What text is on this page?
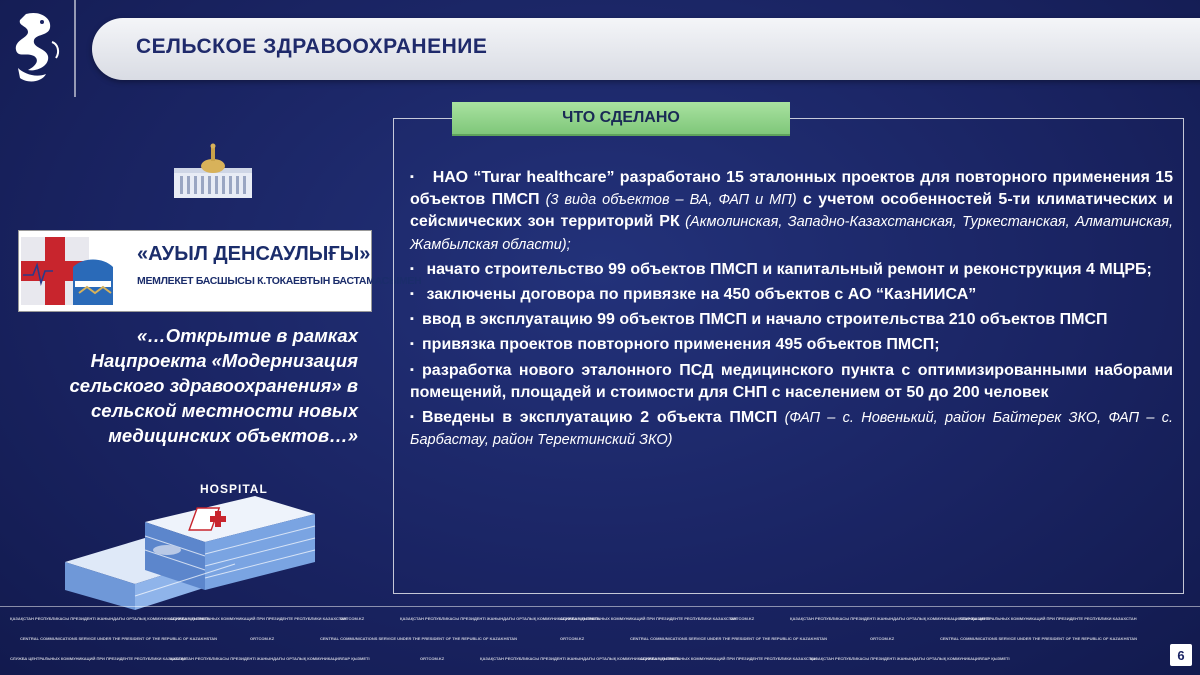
СЕЛЬСКОЕ ЗДРАВООХРАНЕНИЕ
«АУЫЛ ДЕНСАУЛЫҒЫ»
МЕМЛЕКЕТ БАСШЫСЫ К.ТОКАЕВТЫН БАСТАМАСЫМЕН
«…Открытие в рамках Нацпроекта «Модернизация сельского здравоохранения» в сельской местности новых медицинских объектов…»
HOSPITAL
ЧТО СДЕЛАНО
▪ НАО “Turar healthcare” разработано 15 эталонных проектов для повторного применения 15 объектов ПМСП (3 вида объектов – ВА, ФАП и МП) с учетом особенностей 5-ти климатических и сейсмических зон территорий РК (Акмолинская, Западно-Казахстанская, Туркестанская, Алматинская, Жамбылская области);
▪ начато строительство 99 объектов ПМСП и капитальный ремонт и реконструкция 4 МЦРБ;
▪ заключены договора по привязке на 450 объектов с АО “КазНИИСА”
▪ ввод в эксплуатацию 99 объектов ПМСП и начало строительства 210 объектов ПМСП
▪ привязка проектов повторного применения 495 объектов ПМСП;
▪ разработка нового эталонного ПСД медицинского пункта с оптимизированными наборами помещений, площадей и стоимости для СНП с населением от 50 до 200 человек
▪ Введены в эксплуатацию 2 объекта ПМСП (ФАП – с. Новенький, район Байтерек ЗКО, ФАП – с. Барбастау, район Теректинский ЗКО)
ҚАЗАҚСТАН РЕСПУБЛИКАСЫ ПРЕЗИДЕНТІ ЖАНЫНДАҒЫ ОРТАЛЫҚ КОММУНИКАЦИЯЛАР ҚЫЗМЕТІ
СЛУЖБА ЦЕНТРАЛЬНЫХ КОММУНИКАЦИЙ ПРИ ПРЕЗИДЕНТЕ РЕСПУБЛИКИ КАЗАХСТАН
ORTCOM.KZ	ҚАЗАҚСТАН РЕСПУБЛИКАСЫ ПРЕЗИДЕНТІ ЖАНЫНДАҒЫ ОРТАЛЫҚ КОММУНИКАЦИЯЛАР ҚЫЗМЕТІ
СЛУЖБА ЦЕНТРАЛЬНЫХ КОММУНИКАЦИЙ ПРИ ПРЕЗИДЕНТЕ РЕСПУБЛИКИ КАЗАХСТАН
ORTCOM.KZ	ҚАЗАҚСТАН РЕСПУБЛИКАСЫ ПРЕЗИДЕНТІ ЖАНЫНДАҒЫ ОРТАЛЫҚ КОММУНИКАЦИЯЛАР ҚЫЗМЕТІ
СЛУЖБА ЦЕНТРАЛЬНЫХ КОММУНИКАЦИЙ ПРИ ПРЕЗИДЕНТЕ РЕСПУБЛИКИ КАЗАХСТАН
CENTRAL COMMUNICATIONS SERVICE UNDER THE PRESIDENT OF THE REPUBLIC OF KAZAKHSTAN	ORTCOM.KZ	CENTRAL COMMUNICATIONS SERVICE UNDER THE PRESIDENT OF THE REPUBLIC OF KAZAKHSTAN	ORTCOM.KZ	CENTRAL COMMUNICATIONS SERVICE UNDER THE PRESIDENT OF THE REPUBLIC OF KAZAKHSTAN	ORTCOM.KZ	CENTRAL COMMUNICATIONS SERVICE UNDER THE PRESIDENT OF THE REPUBLIC OF KAZAKHSTAN
СЛУЖБА ЦЕНТРАЛЬНЫХ КОММУНИКАЦИЙ ПРИ ПРЕЗИДЕНТЕ РЕСПУБЛИКИ КАЗАХСТАН
ҚАЗАҚСТАН РЕСПУБЛИКАСЫ ПРЕЗИДЕНТІ ЖАНЫНДАҒЫ ОРТАЛЫҚ КОММУНИКАЦИЯЛАР ҚЫЗМЕТІ	ORTCOM.KZ	ҚАЗАҚСТАН РЕСПУБЛИКАСЫ ПРЕЗИДЕНТІ ЖАНЫНДАҒЫ ОРТАЛЫҚ КОММУНИКАЦИЯЛАР ҚЫЗМЕТІ
СЛУЖБА ЦЕНТРАЛЬНЫХ КОММУНИКАЦИЙ ПРИ ПРЕЗИДЕНТЕ РЕСПУБЛИКИ КАЗАХСТАН
ҚАЗАҚСТАН РЕСПУБЛИКАСЫ ПРЕЗИДЕНТІ ЖАНЫНДАҒЫ ОРТАЛЫҚ КОММУНИКАЦИЯЛАР ҚЫЗМЕТІ	6
